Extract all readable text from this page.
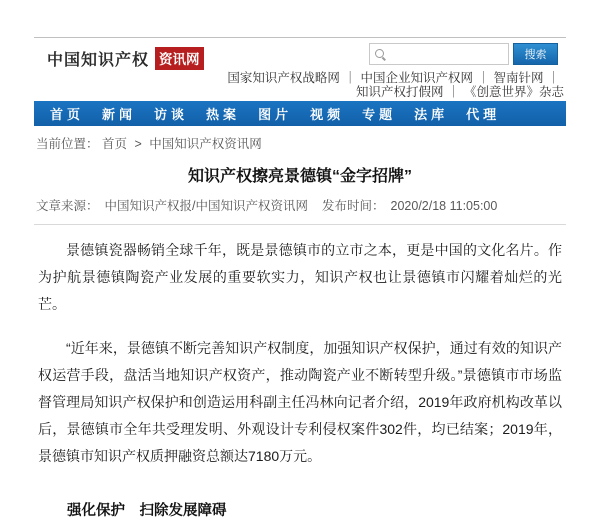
中国知识产权 资讯网	搜索
国家知识产权战略网 ｜ 中国企业知识产权网 ｜ 智南针网 ｜
知识产权打假网 ｜ 《创意世界》杂志
首页 新闻 访谈 热案 图片 视频 专题 法库 代理
当前位置： 首页 > 中国知识产权资讯网
知识产权擦亮景德镇“金字招牌”
文章来源： 中国知识产权报/中国知识产权资讯网 发布时间： 2020/2/18 11:05:00

景德镇瓷器畅销全球千年，既是景德镇市的立市之本，更是中国的文化名片。作为护航景德镇陶瓷产业发展的重要软实力，知识产权也让景德镇市闪耀着灿烂的光芒。

“近年来，景德镇不断完善知识产权制度，加强知识产权保护，通过有效的知识产权运营手段，盘活当地知识产权资产，推动陶瓷产业不断转型升级。”景德镇市市场监督管理局知识产权保护和创造运用科副主任冯林向记者介绍，2019年政府机构改革以后，景德镇市全年共受理发明、外观设计专利侵权案件302件，均已结案；2019年，景德镇市知识产权质押融资总额达7180万元。

强化保护　扫除发展障碍
